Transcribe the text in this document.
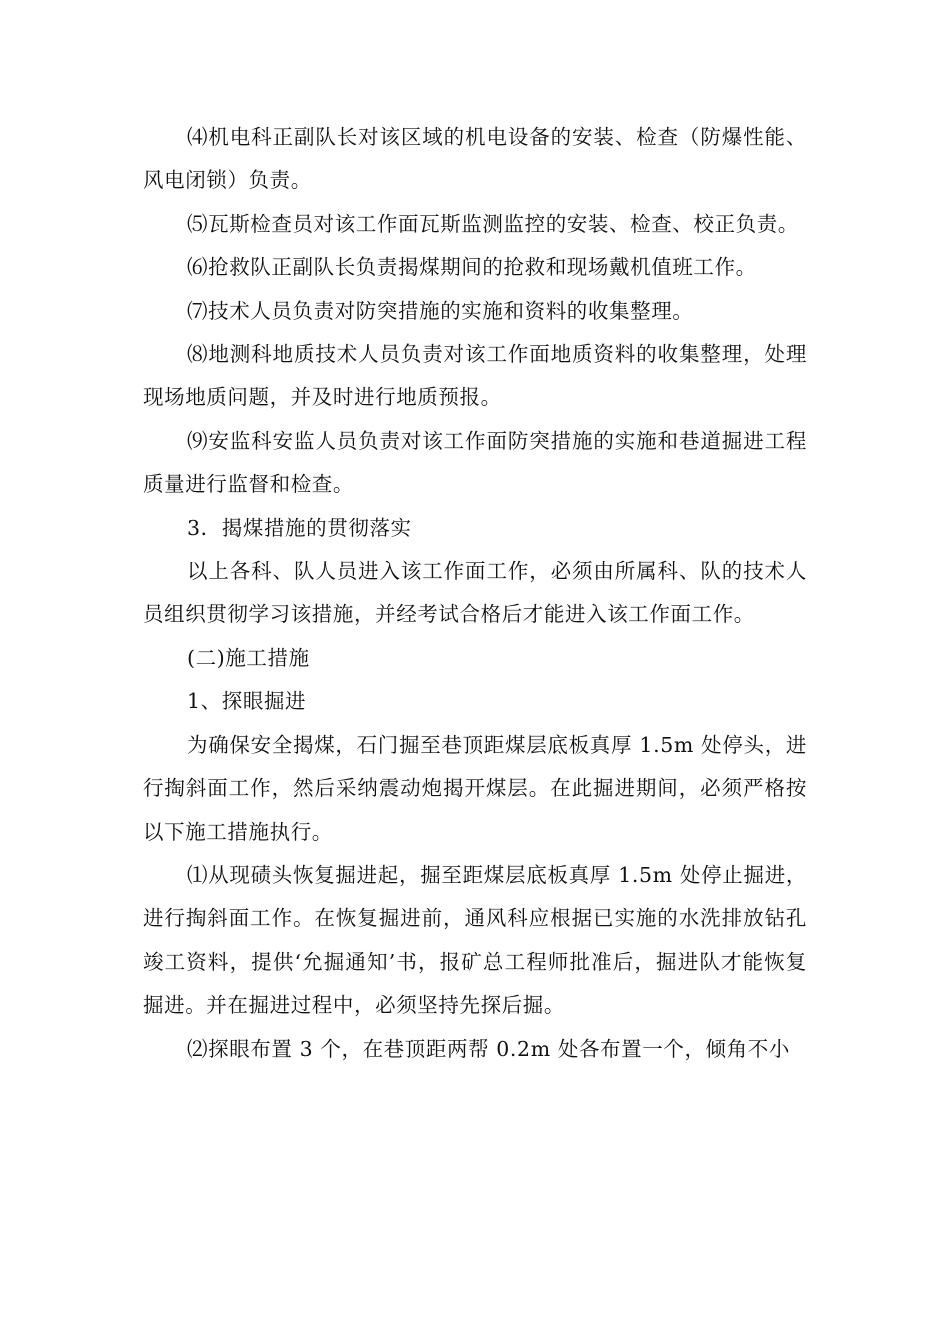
⑷机电科正副队长对该区域的机电设备的安装、检查（防爆性能、风电闭锁）负责。

⑸瓦斯检查员对该工作面瓦斯监测监控的安装、检查、校正负责。

⑹抢救队正副队长负责揭煤期间的抢救和现场戴机值班工作。

⑺技术人员负责对防突措施的实施和资料的收集整理。

⑻地测科地质技术人员负责对该工作面地质资料的收集整理，处理现场地质问题，并及时进行地质预报。

⑼安监科安监人员负责对该工作面防突措施的实施和巷道掘进工程质量进行监督和检查。

3．揭煤措施的贯彻落实

以上各科、队人员进入该工作面工作，必须由所属科、队的技术人员组织贯彻学习该措施，并经考试合格后才能进入该工作面工作。

(二)施工措施

1、探眼掘进

为确保安全揭煤，石门掘至巷顶距煤层底板真厚 1.5m 处停头，进行掏斜面工作，然后采纳震动炮揭开煤层。在此掘进期间，必须严格按以下施工措施执行。

⑴从现碛头恢复掘进起，掘至距煤层底板真厚 1.5m 处停止掘进，进行掏斜面工作。在恢复掘进前，通风科应根据已实施的水洗排放钻孔竣工资料，提供‘允掘通知’书，报矿总工程师批准后，掘进队才能恢复掘进。并在掘进过程中，必须坚持先探后掘。

⑵探眼布置 3 个，在巷顶距两帮 0.2m 处各布置一个，倾角不小
